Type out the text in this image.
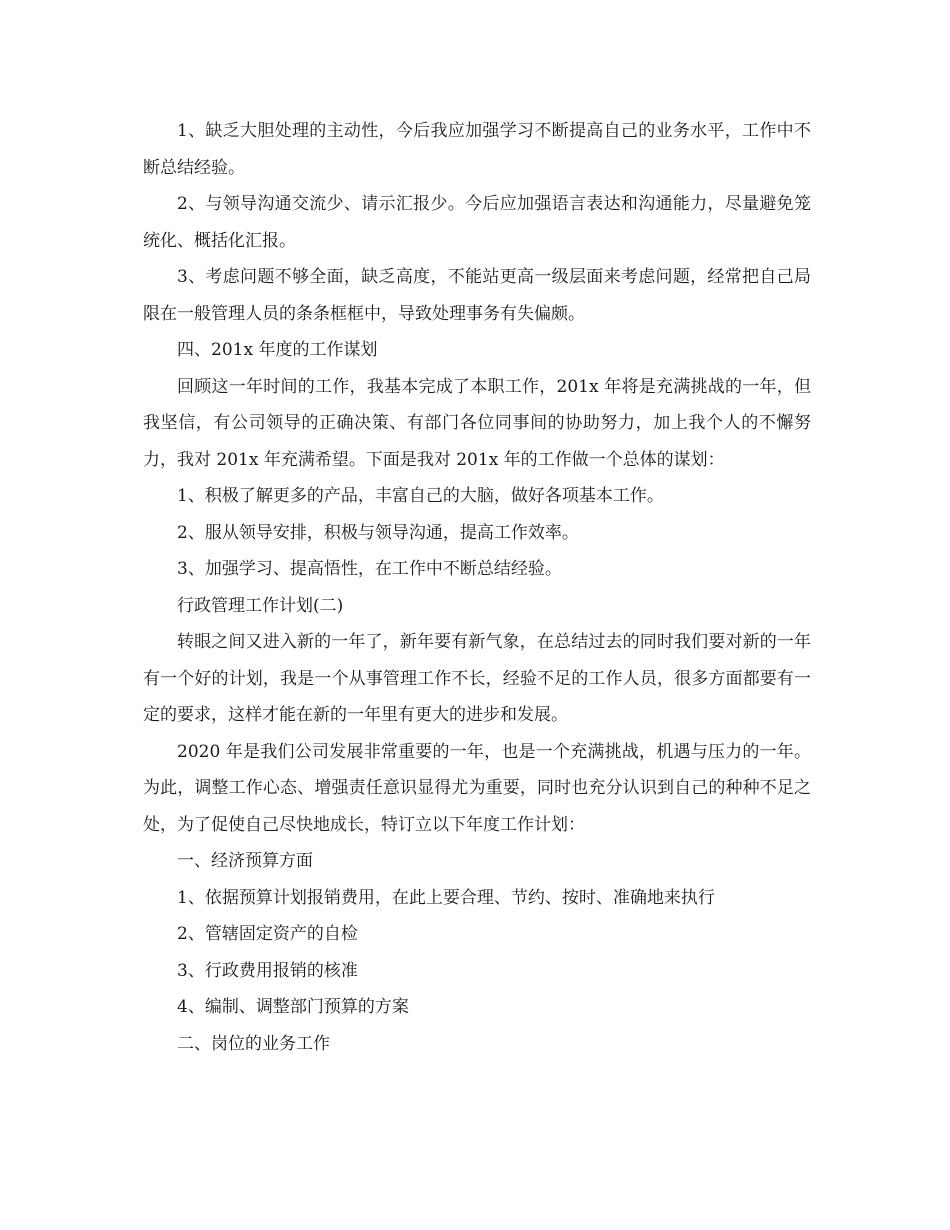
1、缺乏大胆处理的主动性，今后我应加强学习不断提高自己的业务水平，工作中不断总结经验。

2、与领导沟通交流少、请示汇报少。今后应加强语言表达和沟通能力，尽量避免笼统化、概括化汇报。

3、考虑问题不够全面，缺乏高度，不能站更高一级层面来考虑问题，经常把自己局限在一般管理人员的条条框框中，导致处理事务有失偏颇。

四、201x 年度的工作谋划

回顾这一年时间的工作，我基本完成了本职工作，201x 年将是充满挑战的一年，但我坚信，有公司领导的正确决策、有部门各位同事间的协助努力，加上我个人的不懈努力，我对 201x 年充满希望。下面是我对 201x 年的工作做一个总体的谋划：

1、积极了解更多的产品，丰富自己的大脑，做好各项基本工作。

2、服从领导安排，积极与领导沟通，提高工作效率。

3、加强学习、提高悟性，在工作中不断总结经验。

行政管理工作计划(二)

转眼之间又进入新的一年了，新年要有新气象，在总结过去的同时我们要对新的一年有一个好的计划，我是一个从事管理工作不长，经验不足的工作人员，很多方面都要有一定的要求，这样才能在新的一年里有更大的进步和发展。

2020 年是我们公司发展非常重要的一年，也是一个充满挑战，机遇与压力的一年。为此，调整工作心态、增强责任意识显得尤为重要，同时也充分认识到自己的种种不足之处，为了促使自己尽快地成长，特订立以下年度工作计划：

一、经济预算方面

1、依据预算计划报销费用，在此上要合理、节约、按时、准确地来执行

2、管辖固定资产的自检

3、行政费用报销的核准

4、编制、调整部门预算的方案

二、岗位的业务工作
